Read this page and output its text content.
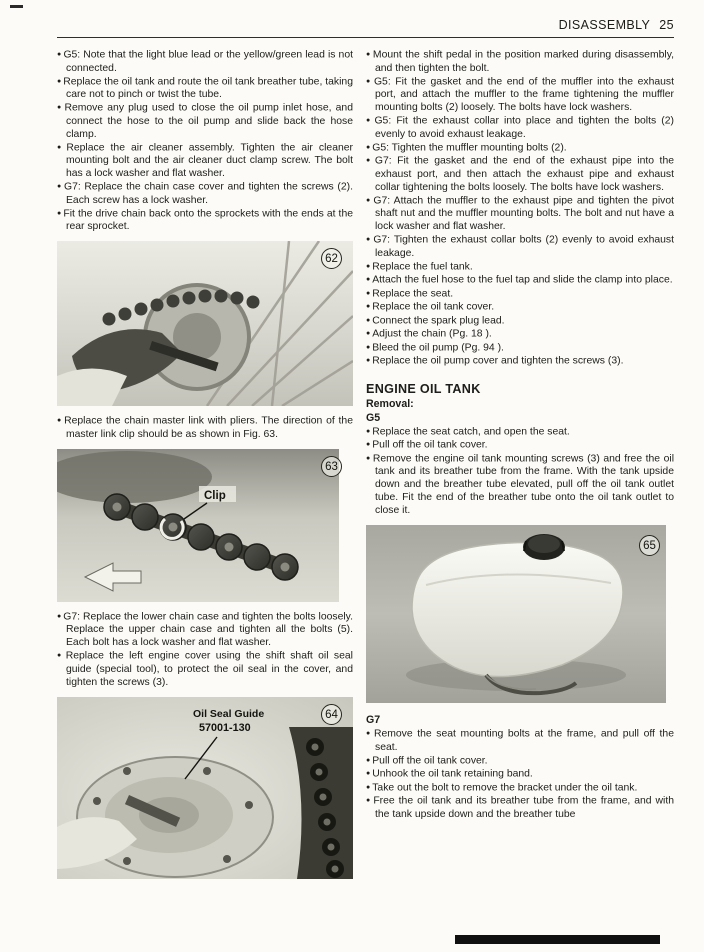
DISASSEMBLY 25
● G5: Note that the light blue lead or the yellow/green lead is not connected.
● Replace the oil tank and route the oil tank breather tube, taking care not to pinch or twist the tube.
● Remove any plug used to close the oil pump inlet hose, and connect the hose to the oil pump and slide back the hose clamp.
● Replace the air cleaner assembly. Tighten the air cleaner mounting bolt and the air cleaner duct clamp screw. The bolt has a lock washer and flat washer.
● G7: Replace the chain case cover and tighten the screws (2). Each screw has a lock washer.
● Fit the drive chain back onto the sprockets with the ends at the rear sprocket.
62
● Replace the chain master link with pliers. The direction of the master link clip should be as shown in Fig. 63.
Clip
63
● G7: Replace the lower chain case and tighten the bolts loosely. Replace the upper chain case and tighten all the bolts (5). Each bolt has a lock washer and flat washer.
● Replace the left engine cover using the shift shaft oil seal guide (special tool), to protect the oil seal in the cover, and tighten the screws (3).
Oil Seal Guide
57001-130
64
● Mount the shift pedal in the position marked during disassembly, and then tighten the bolt.
● G5: Fit the gasket and the end of the muffler into the exhaust port, and attach the muffler to the frame tightening the muffler mounting bolts (2) loosely. The bolts have lock washers.
● G5: Fit the exhaust collar into place and tighten the bolts (2) evenly to avoid exhaust leakage.
● G5: Tighten the muffler mounting bolts (2).
● G7: Fit the gasket and the end of the exhaust pipe into the exhaust port, and then attach the exhaust pipe and exhaust collar tightening the bolts loosely. The bolts have lock washers.
● G7: Attach the muffler to the exhaust pipe and tighten the pivot shaft nut and the muffler mounting bolts. The bolt and nut have a lock washer and flat washer.
● G7: Tighten the exhaust collar bolts (2) evenly to avoid exhaust leakage.
● Replace the fuel tank.
● Attach the fuel hose to the fuel tap and slide the clamp into place.
● Replace the seat.
● Replace the oil tank cover.
● Connect the spark plug lead.
● Adjust the chain (Pg. 18 ).
● Bleed the oil pump (Pg. 94 ).
● Replace the oil pump cover and tighten the screws (3).
ENGINE OIL TANK
Removal:
G5
● Replace the seat catch, and open the seat.
● Pull off the oil tank cover.
● Remove the engine oil tank mounting screws (3) and free the oil tank and its breather tube from the frame. With the tank upside down and the breather tube elevated, pull off the oil tank outlet tube. Fit the end of the breather tube onto the oil tank outlet to close it.
65
G7
● Remove the seat mounting bolts at the frame, and pull off the seat.
● Pull off the oil tank cover.
● Unhook the oil tank retaining band.
● Take out the bolt to remove the bracket under the oil tank.
● Free the oil tank and its breather tube from the frame, and with the tank upside down and the breather tube
